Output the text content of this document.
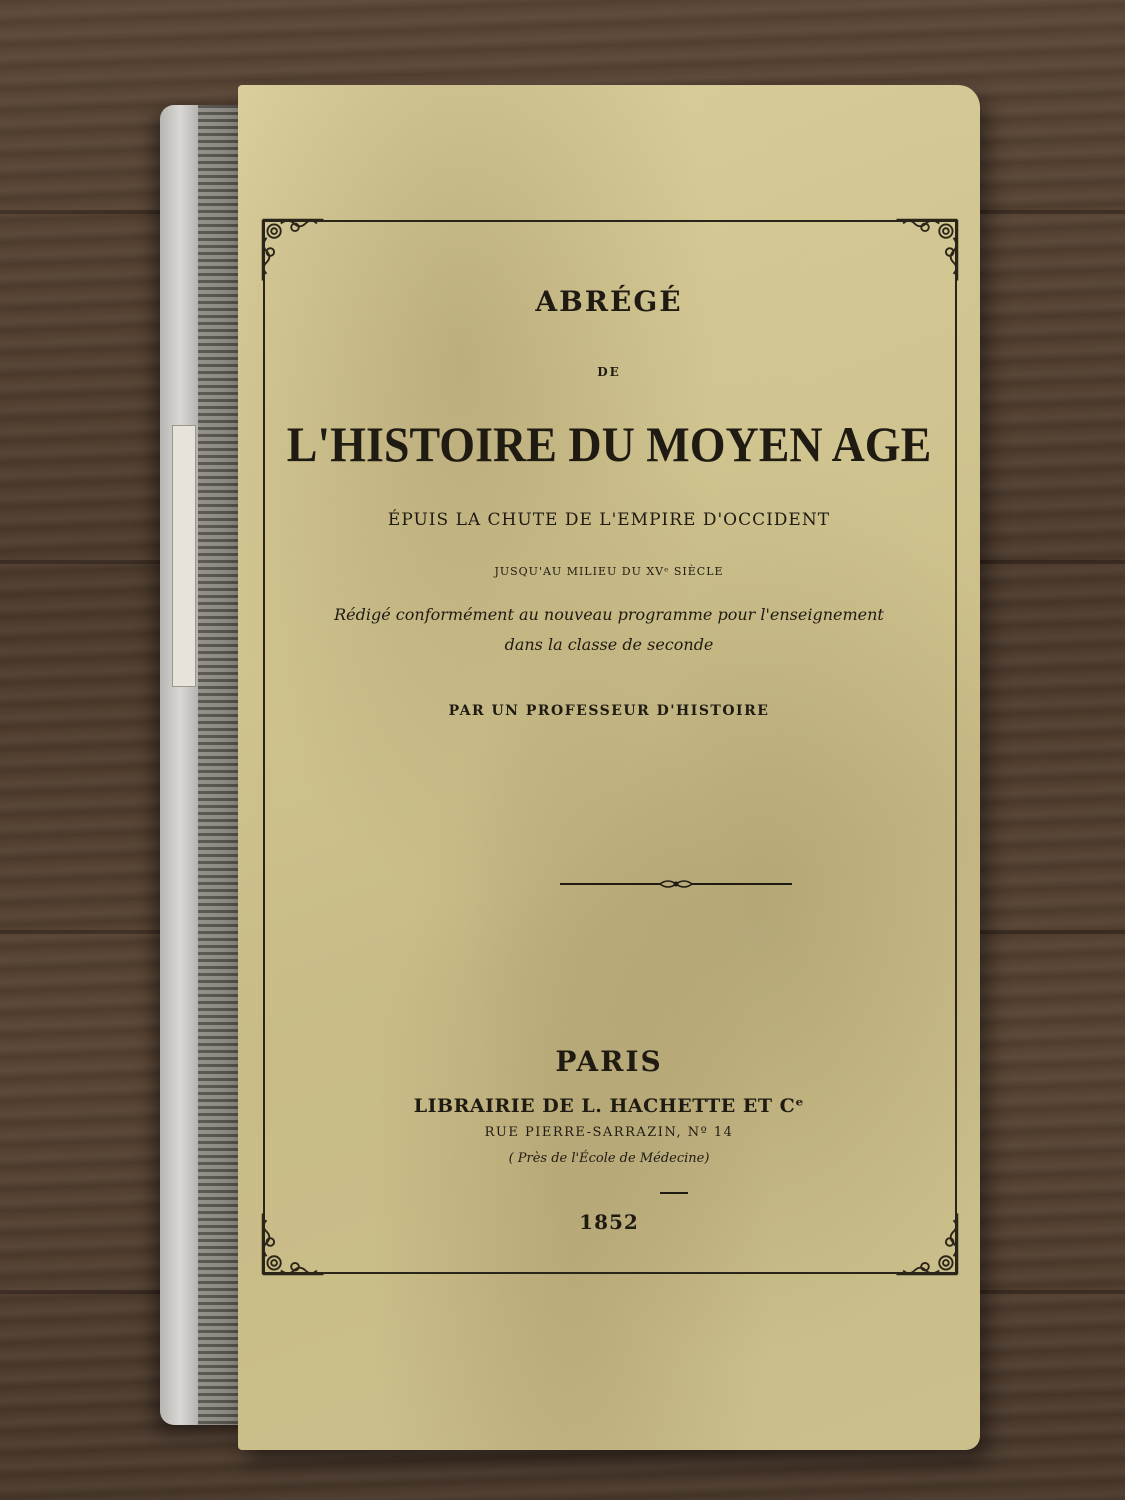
ABRÉGÉ
DE
L'HISTOIRE DU MOYEN AGE
ÉPUIS LA CHUTE DE L'EMPIRE D'OCCIDENT
JUSQU'AU MILIEU DU XVᵉ SIÈCLE
Rédigé conformément au nouveau programme pour l'enseignement
dans la classe de seconde
PAR UN PROFESSEUR D'HISTOIRE
PARIS
LIBRAIRIE DE L. HACHETTE ET Cᵉ
RUE PIERRE-SARRAZIN, Nº 14
( Près de l'École de Médecine)
1852
